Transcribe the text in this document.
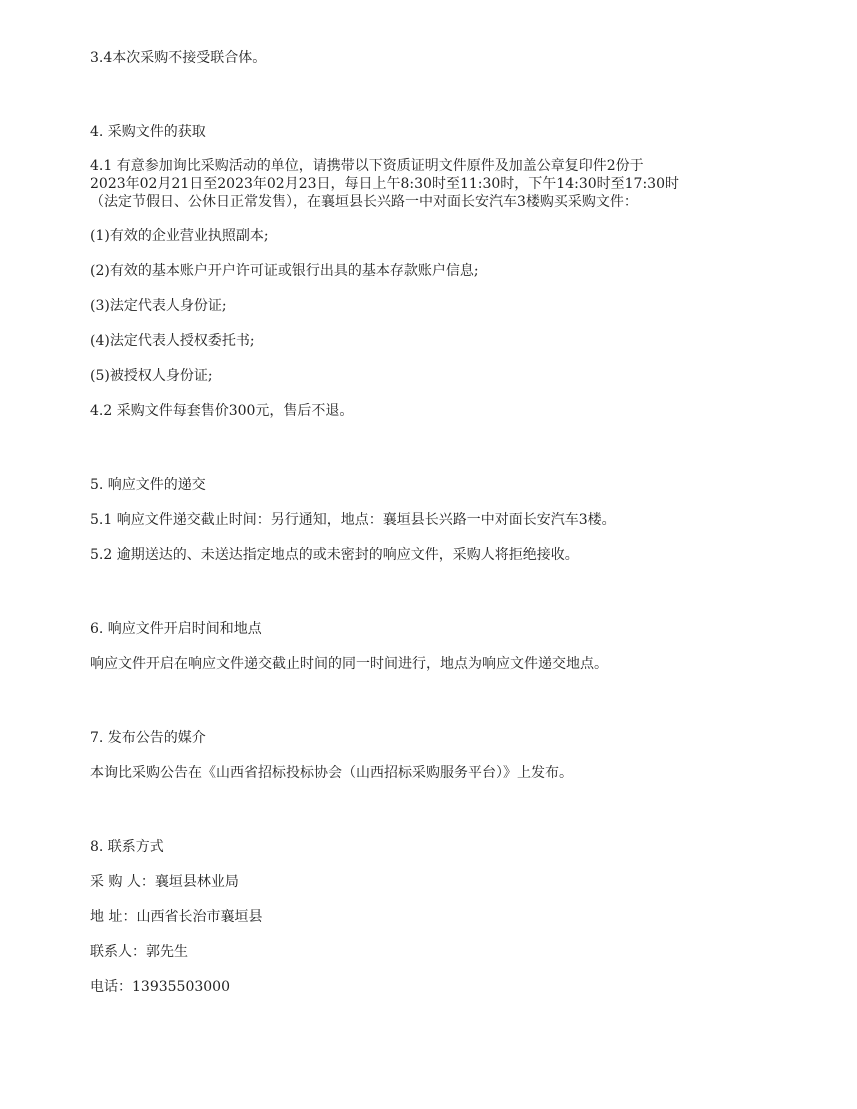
3.4本次采购不接受联合体。

4. 采购文件的获取

4.1 有意参加询比采购活动的单位，请携带以下资质证明文件原件及加盖公章复印件2份于
2023年02月21日至2023年02月23日，每日上午8:30时至11:30时，下午14:30时至17:30时
（法定节假日、公休日正常发售），在襄垣县长兴路一中对面长安汽车3楼购买采购文件：

(1)有效的企业营业执照副本;

(2)有效的基本账户开户许可证或银行出具的基本存款账户信息;

(3)法定代表人身份证;

(4)法定代表人授权委托书;

(5)被授权人身份证;

4.2 采购文件每套售价300元，售后不退。

5. 响应文件的递交

5.1 响应文件递交截止时间：另行通知，地点：襄垣县长兴路一中对面长安汽车3楼。

5.2 逾期送达的、未送达指定地点的或未密封的响应文件，采购人将拒绝接收。

6. 响应文件开启时间和地点

响应文件开启在响应文件递交截止时间的同一时间进行，地点为响应文件递交地点。

7. 发布公告的媒介

本询比采购公告在《山西省招标投标协会（山西招标采购服务平台）》上发布。

8. 联系方式

采 购 人：襄垣县林业局

地 址：山西省长治市襄垣县

联系人：郭先生

电话：13935503000
